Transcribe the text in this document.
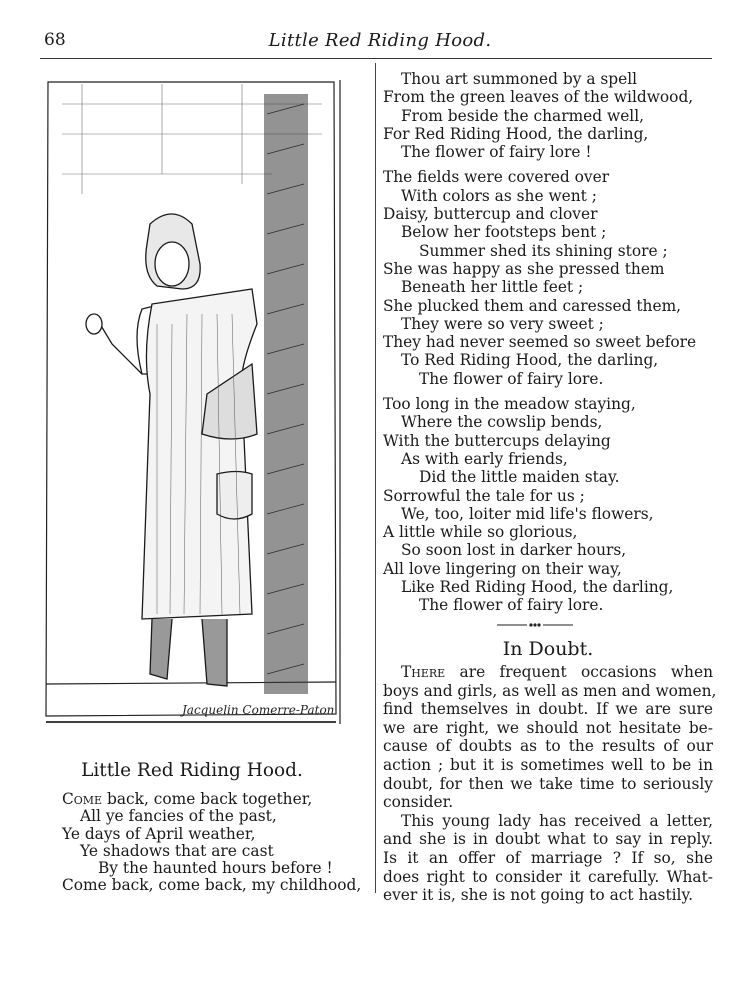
68	Little Red Riding Hood.
Jacquelin Comerre-Paton
Little Red Riding Hood.
Come back, come back together,
All ye fancies of the past,
Ye days of April weather,
Ye shadows that are cast
By the haunted hours before !
Come back, come back, my childhood,
Thou art summoned by a spell
From the green leaves of the wildwood,
From beside the charmed well,
For Red Riding Hood, the darling,
The flower of fairy lore !
The fields were covered over
With colors as she went ;
Daisy, buttercup and clover
Below her footsteps bent ;
Summer shed its shining store ;
She was happy as she pressed them
Beneath her little feet ;
She plucked them and caressed them,
They were so very sweet ;
They had never seemed so sweet before
To Red Riding Hood, the darling,
The flower of fairy lore.
Too long in the meadow staying,
Where the cowslip bends,
With the buttercups delaying
As with early friends,
Did the little maiden stay.
Sorrowful the tale for us ;
We, too, loiter mid life's flowers,
A little while so glorious,
So soon lost in darker hours,
All love lingering on their way,
Like Red Riding Hood, the darling,
The flower of fairy lore.
In Doubt.
There are frequent occasions when
boys and girls, as well as men and women,
find themselves in doubt. If we are sure
we are right, we should not hesitate be-
cause of doubts as to the results of our
action ; but it is sometimes well to be in
doubt, for then we take time to seriously
consider.
This young lady has received a letter,
and she is in doubt what to say in reply.
Is it an offer of marriage ? If so, she
does right to consider it carefully. What-
ever it is, she is not going to act hastily.
